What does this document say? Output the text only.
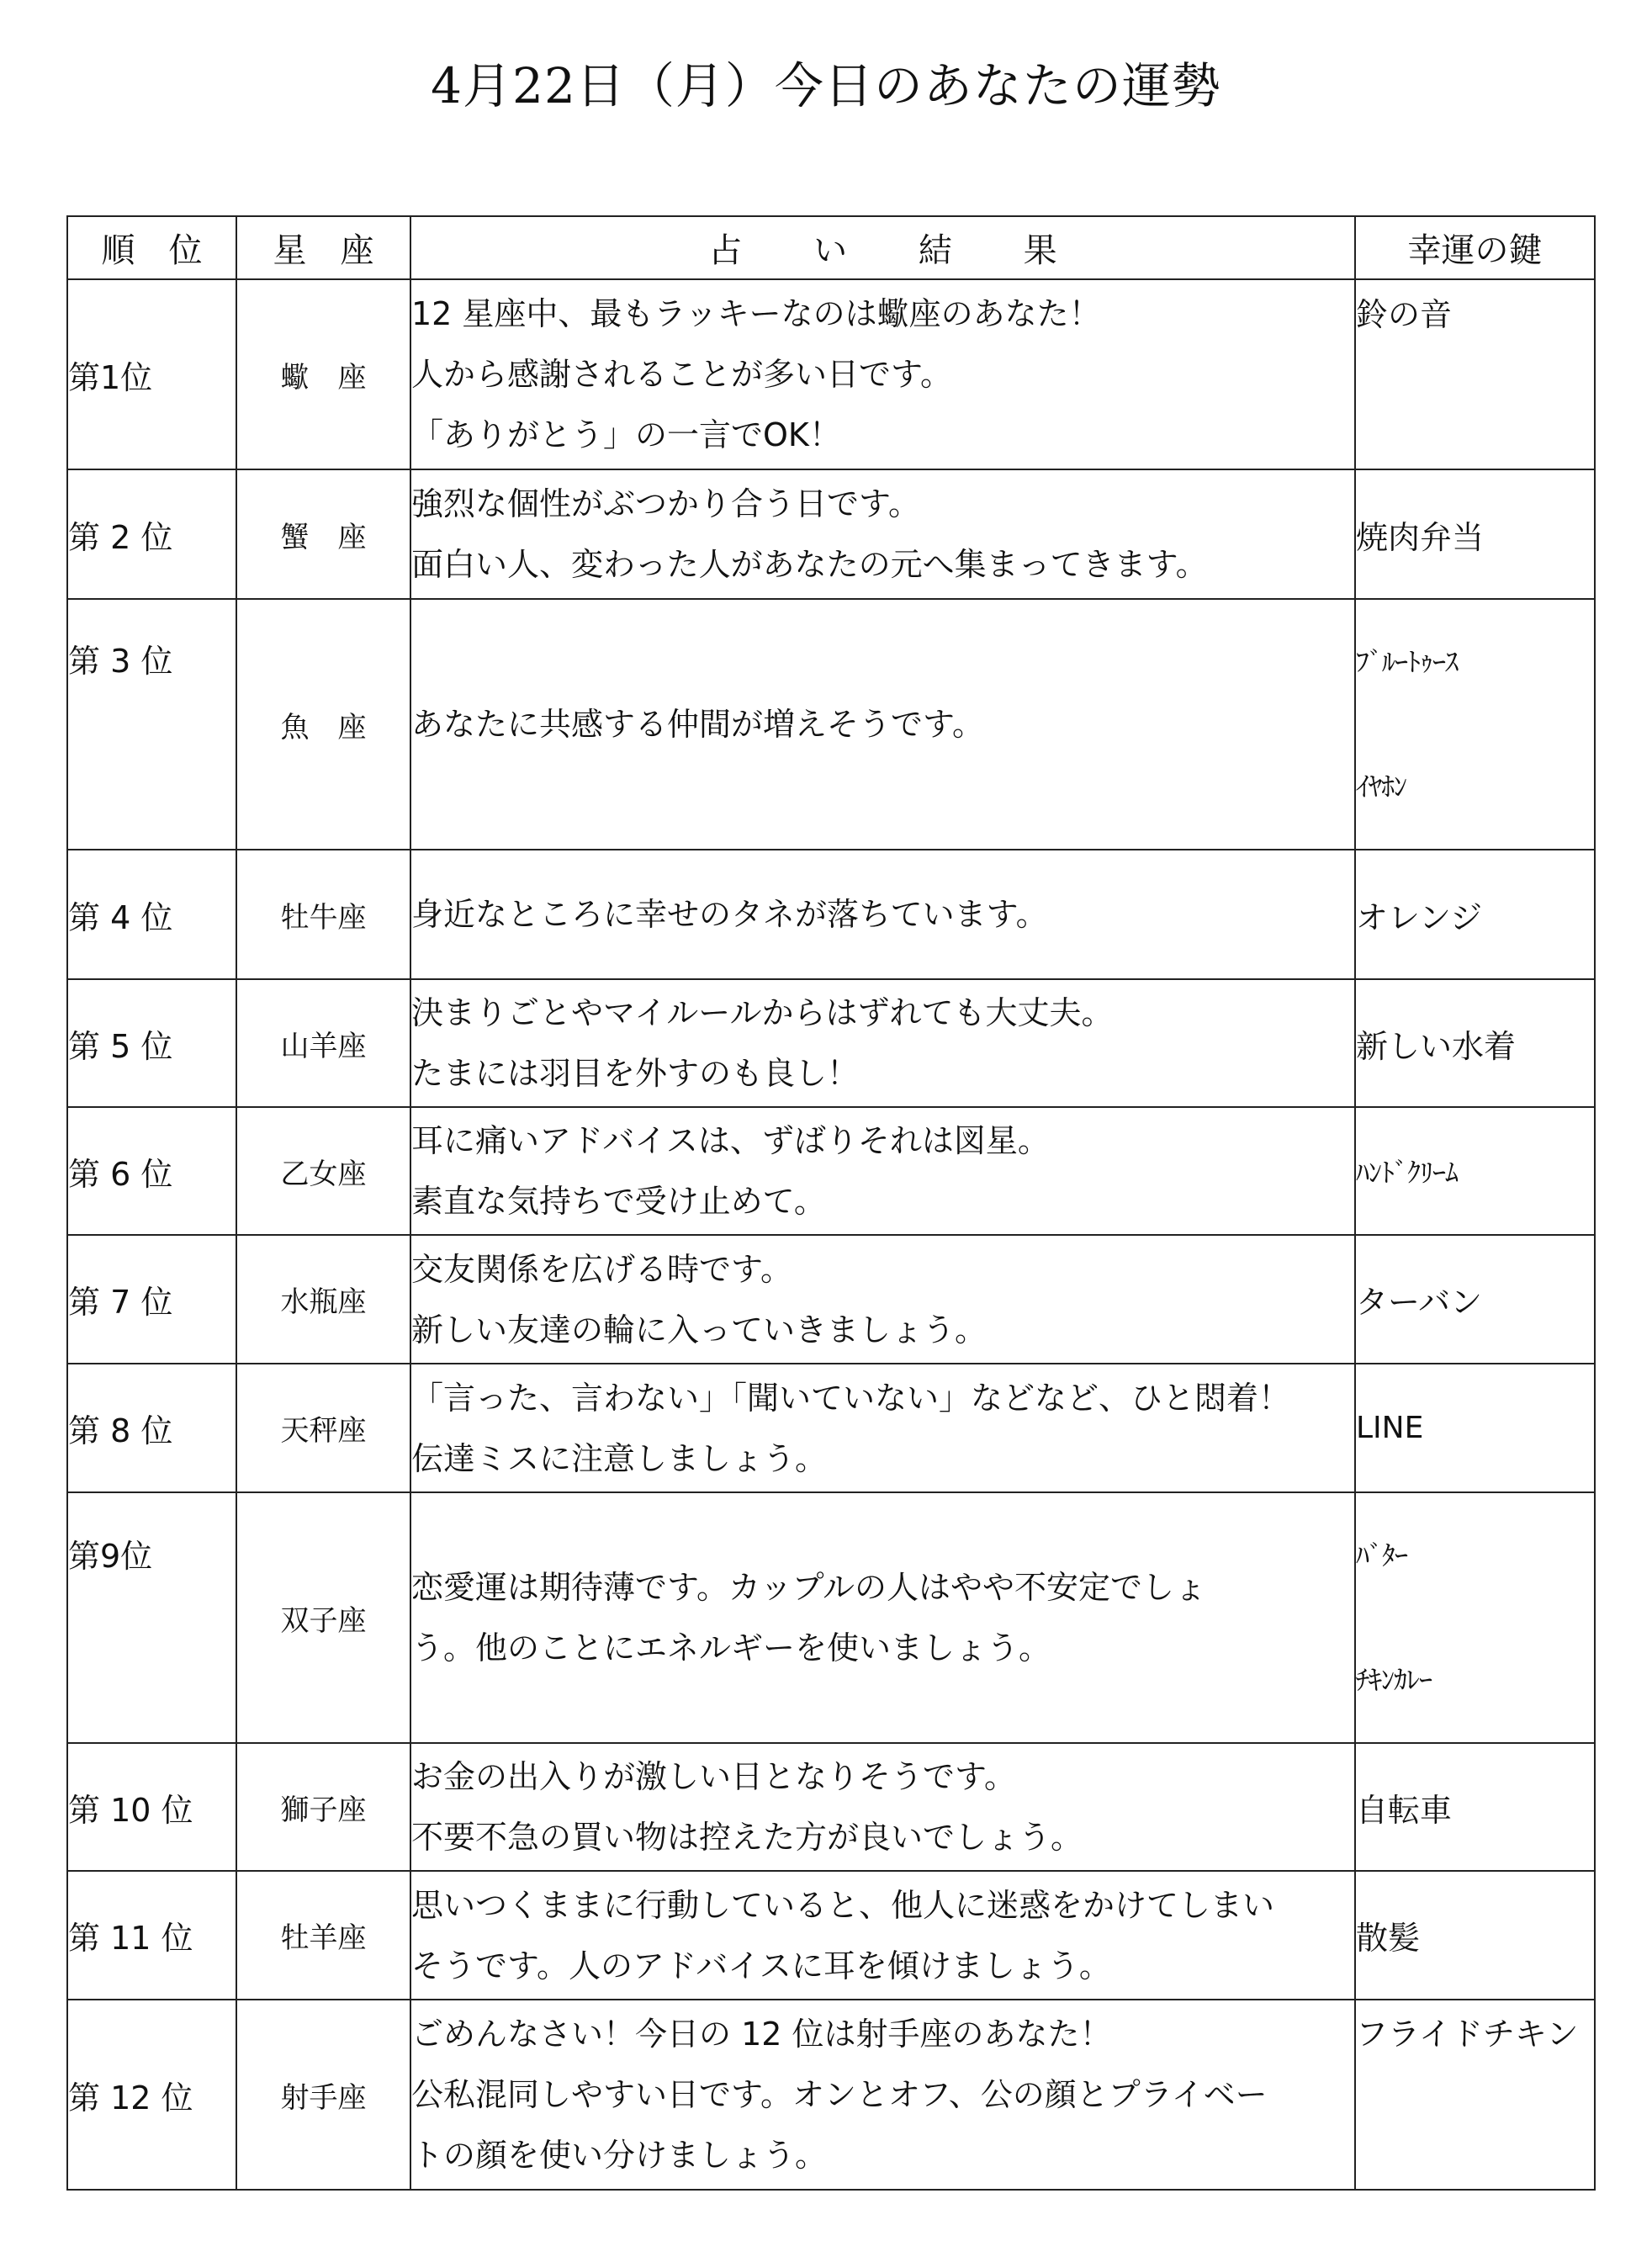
4月22日（月）今日のあなたの運勢
順　位	星　座	占 い 結 果	幸運の鍵
第1位	蠍　座	12 星座中、最もラッキーなのは蠍座のあなた！
人から感謝されることが多い日です。
「ありがとう」の一言でOK！	鈴の音

第 2 位	蟹　座	強烈な個性がぶつかり合う日です。
面白い人、変わった人があなたの元へ集まってきます。	焼肉弁当

第 3 位	魚　座	あなたに共感する仲間が増えそうです。	ﾌﾞﾙｰﾄｩｰｽ
ｲﾔﾎﾝ

第 4 位	牡牛座	身近なところに幸せのタネが落ちています。	オレンジ

第 5 位	山羊座	決まりごとやマイルールからはずれても大丈夫。
たまには羽目を外すのも良し！	新しい水着

第 6 位	乙女座	耳に痛いアドバイスは、ずばりそれは図星。
素直な気持ちで受け止めて。	ﾊﾝﾄﾞｸﾘｰﾑ

第 7 位	水瓶座	交友関係を広げる時です。
新しい友達の輪に入っていきましょう。	ターバン

第 8 位	天秤座	「言った、言わない」「聞いていない」などなど、ひと悶着！
伝達ミスに注意しましょう。	LINE

第9位	双子座	恋愛運は期待薄です。カップルの人はやや不安定でしょ
う。他のことにエネルギーを使いましょう。	ﾊﾞﾀｰ
ﾁｷﾝｶﾚｰ

第 10 位	獅子座	お金の出入りが激しい日となりそうです。
不要不急の買い物は控えた方が良いでしょう。	自転車

第 11 位	牡羊座	思いつくままに行動していると、他人に迷惑をかけてしまい
そうです。人のアドバイスに耳を傾けましょう。	散髪

第 12 位	射手座	ごめんなさい！今日の 12 位は射手座のあなた！
公私混同しやすい日です。オンとオフ、公の顔とプライベー
トの顔を使い分けましょう。	フライドチキン
